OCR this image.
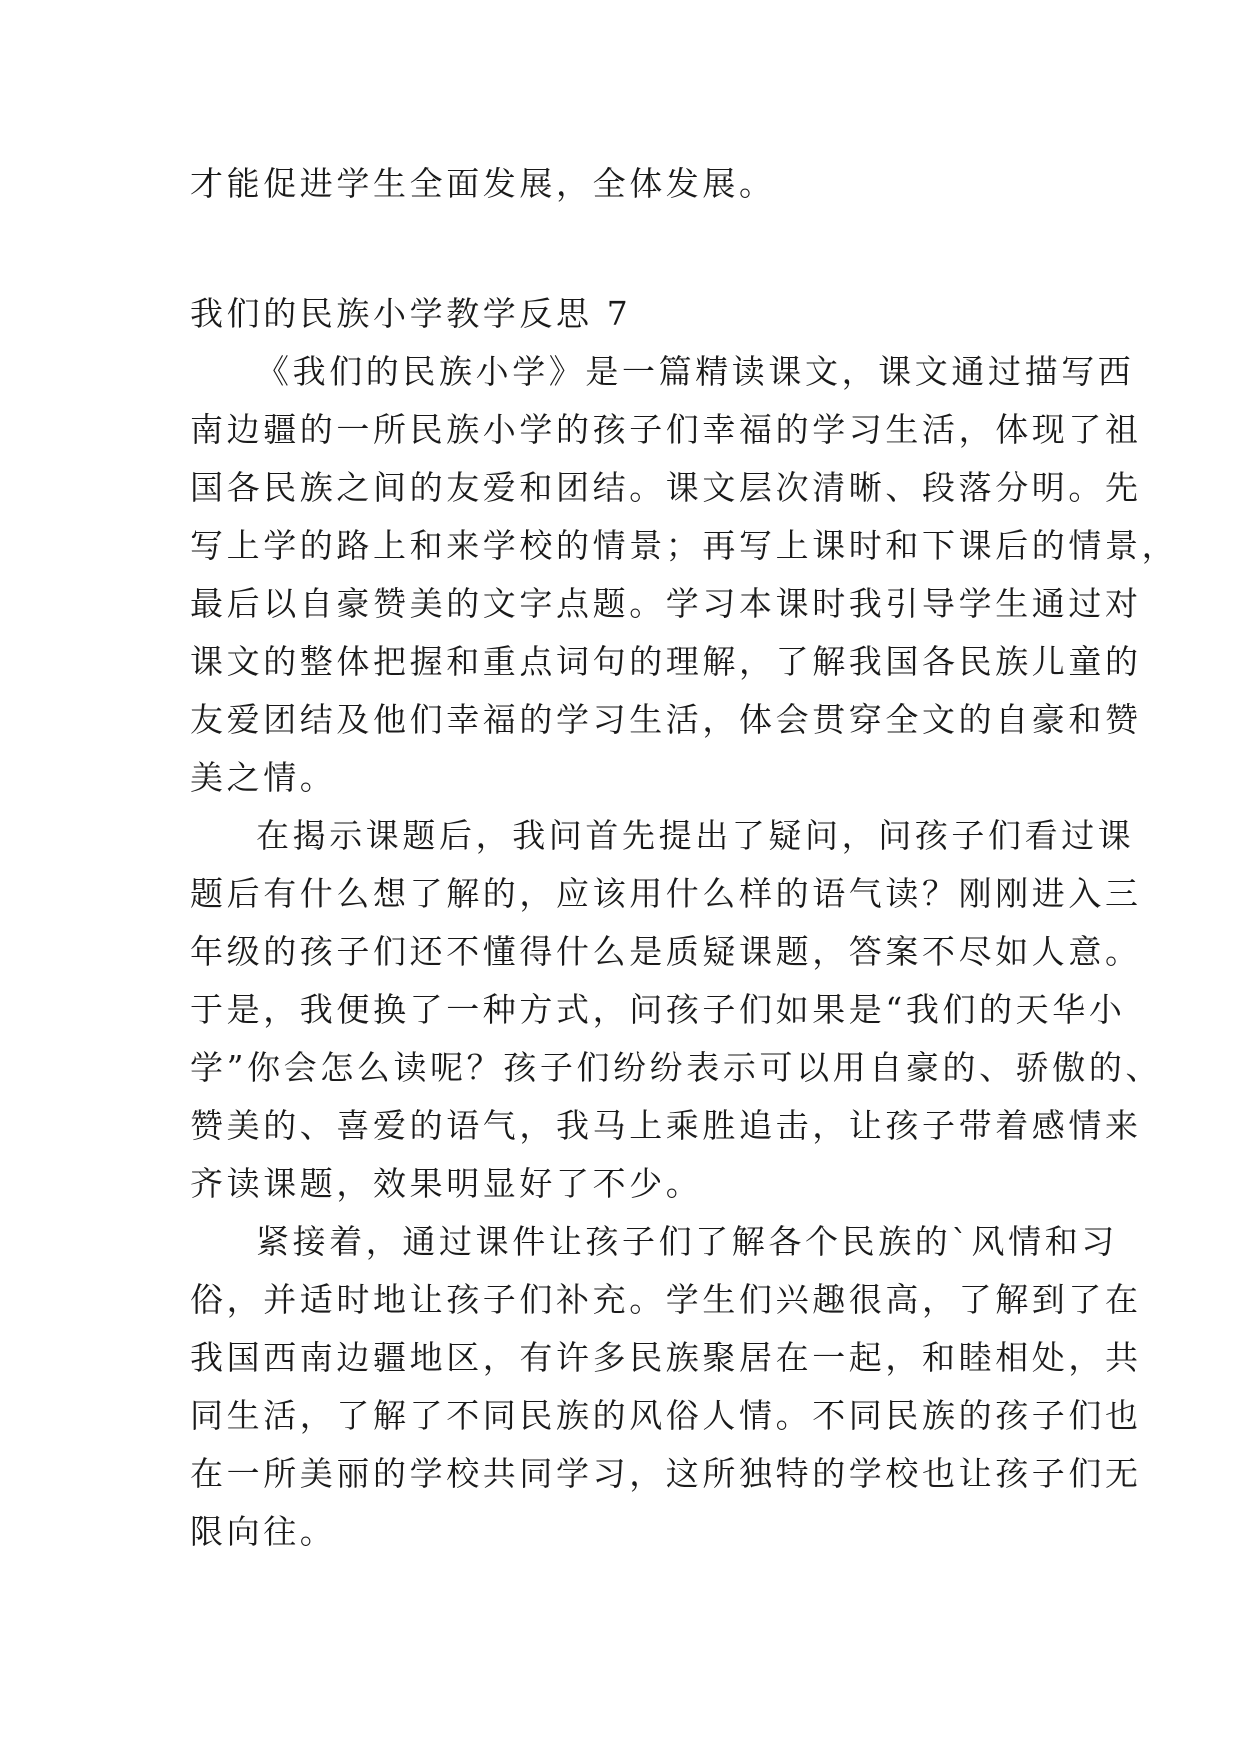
才能促进学生全面发展，全体发展。

我们的民族小学教学反思 7

《我们的民族小学》是一篇精读课文，课文通过描写西
南边疆的一所民族小学的孩子们幸福的学习生活，体现了祖
国各民族之间的友爱和团结。课文层次清晰、段落分明。先
写上学的路上和来学校的情景；再写上课时和下课后的情景，
最后以自豪赞美的文字点题。学习本课时我引导学生通过对
课文的整体把握和重点词句的理解，了解我国各民族儿童的
友爱团结及他们幸福的学习生活，体会贯穿全文的自豪和赞
美之情。

在揭示课题后，我问首先提出了疑问，问孩子们看过课
题后有什么想了解的，应该用什么样的语气读？刚刚进入三
年级的孩子们还不懂得什么是质疑课题，答案不尽如人意。
于是，我便换了一种方式，问孩子们如果是“我们的天华小
学”你会怎么读呢？孩子们纷纷表示可以用自豪的、骄傲的、
赞美的、喜爱的语气，我马上乘胜追击，让孩子带着感情来
齐读课题，效果明显好了不少。

紧接着，通过课件让孩子们了解各个民族的`风情和习
俗，并适时地让孩子们补充。学生们兴趣很高，了解到了在
我国西南边疆地区，有许多民族聚居在一起，和睦相处，共
同生活，了解了不同民族的风俗人情。不同民族的孩子们也
在一所美丽的学校共同学习，这所独特的学校也让孩子们无
限向往。
